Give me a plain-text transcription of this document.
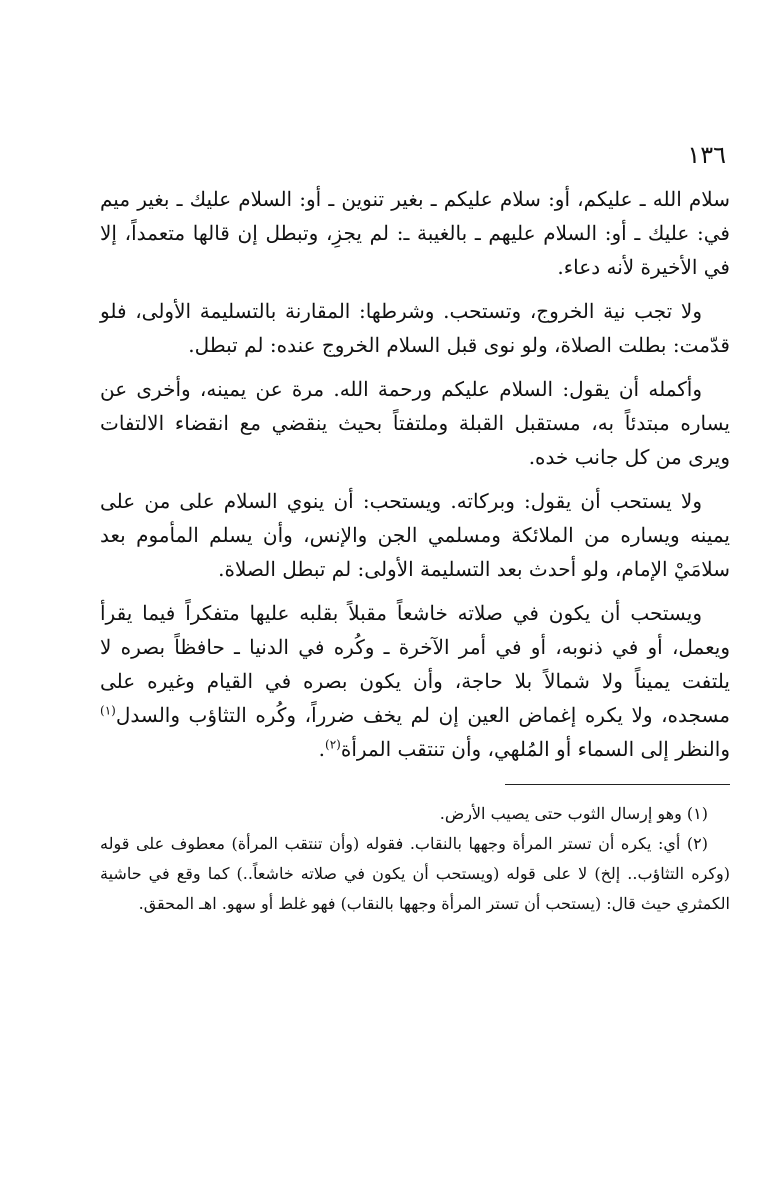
١٣٦

سلام الله ـ عليكم، أو: سلام عليكم ـ بغير تنوين ـ أو: السلام عليك ـ بغير ميم في: عليك ـ أو: السلام عليهم ـ بالغيبة ـ: لم يجزِ، وتبطل إن قالها متعمداً، إلا في الأخيرة لأنه دعاء.

ولا تجب نية الخروج، وتستحب. وشرطها: المقارنة بالتسليمة الأولى، فلو قدّمت: بطلت الصلاة، ولو نوى قبل السلام الخروج عنده: لم تبطل.

وأكمله أن يقول: السلام عليكم ورحمة الله. مرة عن يمينه، وأخرى عن يساره مبتدئاً به، مستقبل القبلة وملتفتاً بحيث ينقضي مع انقضاء الالتفات ويرى من كل جانب خده.

ولا يستحب أن يقول: وبركاته. ويستحب: أن ينوي السلام على من على يمينه ويساره من الملائكة ومسلمي الجن والإنس، وأن يسلم المأموم بعد سلامَيْ الإمام، ولو أحدث بعد التسليمة الأولى: لم تبطل الصلاة.

ويستحب أن يكون في صلاته خاشعاً مقبلاً بقلبه عليها متفكراً فيما يقرأ ويعمل، أو في ذنوبه، أو في أمر الآخرة ـ وكُره في الدنيا ـ حافظاً بصره لا يلتفت يميناً ولا شمالاً بلا حاجة، وأن يكون بصره في القيام وغيره على مسجده، ولا يكره إغماض العين إن لم يخف ضرراً، وكُره التثاؤب والسدل$^{(١)}$ والنظر إلى السماء أو المُلهي، وأن تنتقب المرأة$^{(٢)}$.

(١) وهو إرسال الثوب حتى يصيب الأرض.

(٢) أي: يكره أن تستر المرأة وجهها بالنقاب. فقوله (وأن تنتقب المرأة) معطوف على قوله (وكره التثاؤب.. إلخ) لا على قوله (ويستحب أن يكون في صلاته خاشعاً..) كما وقع في حاشية الكمثري حيث قال: (يستحب أن تستر المرأة وجهها بالنقاب) فهو غلط أو سهو. اهـ المحقق.
